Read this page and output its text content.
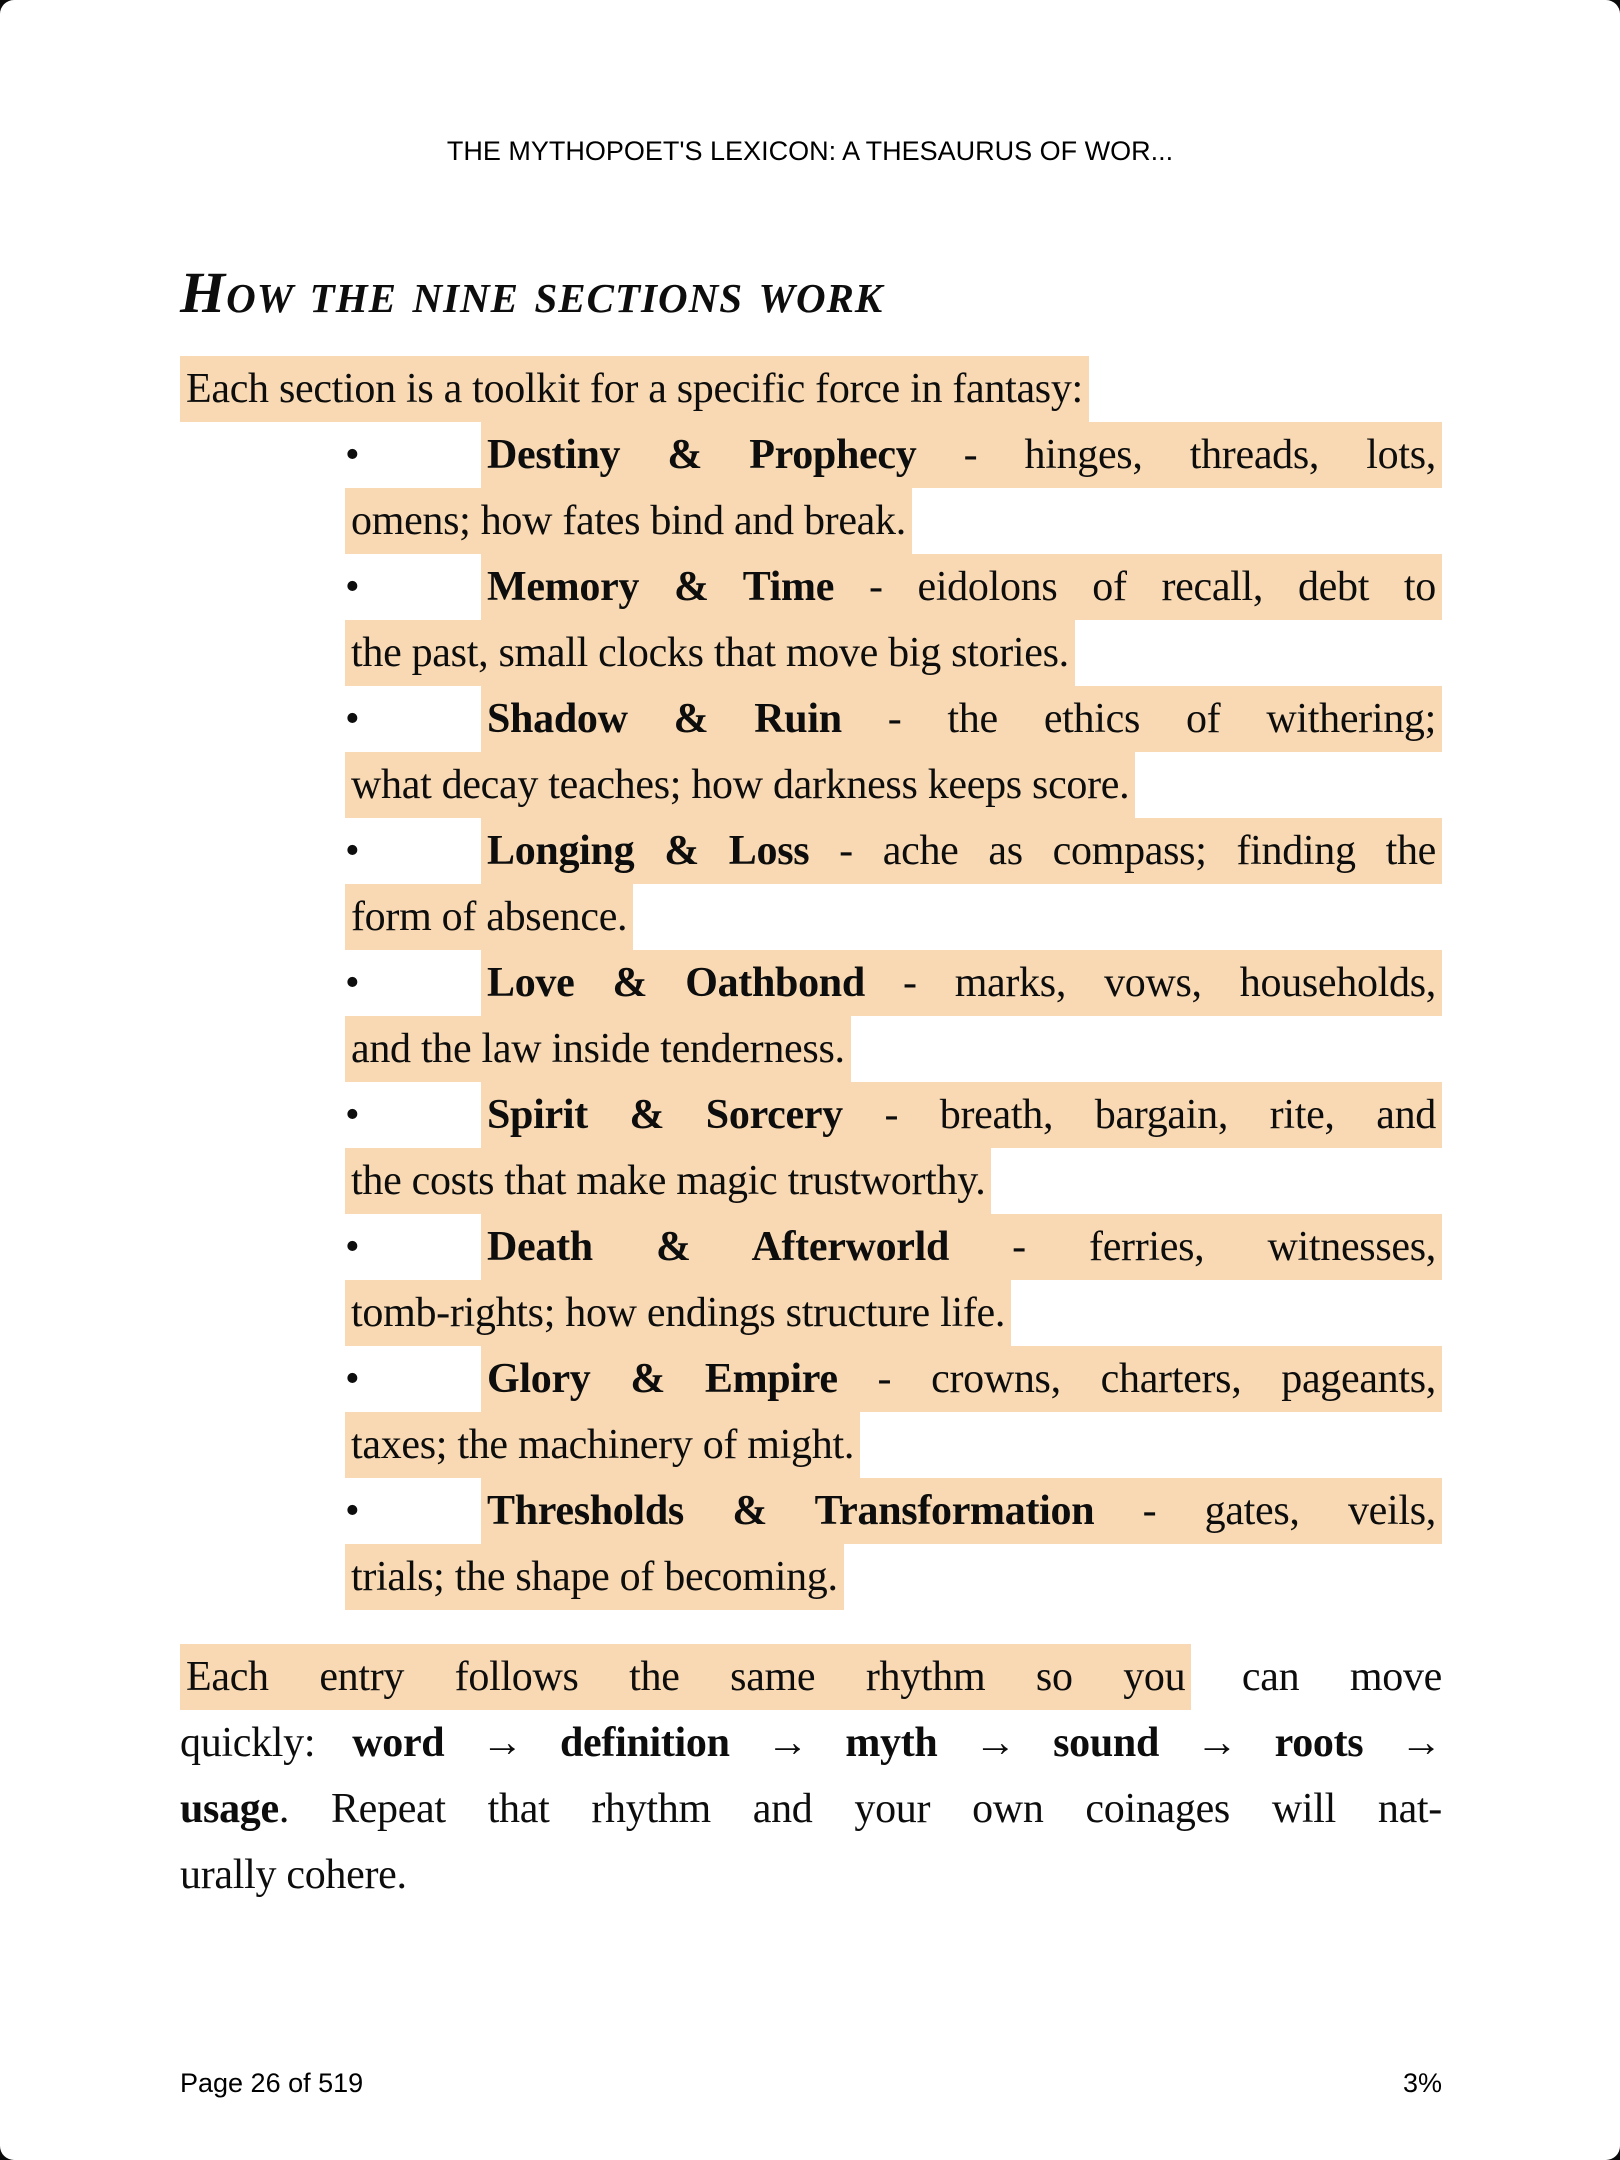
THE MYTHOPOET'S LEXICON: A THESAURUS OF WOR...
How the nine sections work
Each section is a toolkit for a specific force in fantasy:
•	Destiny & Prophecy - hinges, threads, lots,
omens; how fates bind and break.
•	Memory & Time - eidolons of recall, debt to
the past, small clocks that move big stories.
•	Shadow & Ruin - the ethics of withering;
what decay teaches; how darkness keeps score.
•	Longing & Loss - ache as compass; finding the
form of absence.
•	Love & Oathbond - marks, vows, households,
and the law inside tenderness.
•	Spirit & Sorcery - breath, bargain, rite, and
the costs that make magic trustworthy.
•	Death & Afterworld - ferries, witnesses,
tomb-rights; how endings structure life.
•	Glory & Empire - crowns, charters, pageants,
taxes; the machinery of might.
•	Thresholds & Transformation - gates, veils,
trials; the shape of becoming.
Each entry follows the same rhythm so you can move
quickly: word → definition → myth → sound → roots →
usage. Repeat that rhythm and your own coinages will nat-
urally cohere.
Page 26 of 519	3%
